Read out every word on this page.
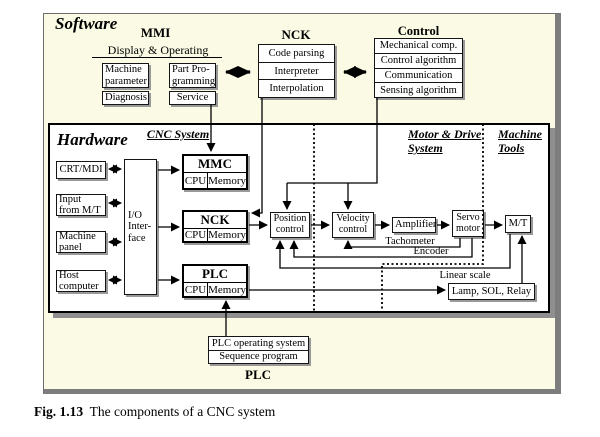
Software	MMI
Display & Operating
Machine
parameter
Part Pro-
gramming
Diagnosis	Service
NCK
Code parsing
Interpreter
Interpolation
Control
Mechanical comp.
Control algorithm
Communication
Sensing algorithm
Hardware	CNC System	Motor & Drive
System
Machine
Tools
CRT/MDI
Input
from M/T
Machine
panel
Host
computer
I/O
Inter-
face
MMC
CPU Memory
NCK
CPU Memory
PLC
CPU Memory
Position
control
Velocity
control	Amplifier
Servo
motor	M/T
Lamp, SOL, Relay
Tachometer
Encoder
Linear scale
PLC operating system
Sequence program
PLC
Fig. 1.13 The components of a CNC system
